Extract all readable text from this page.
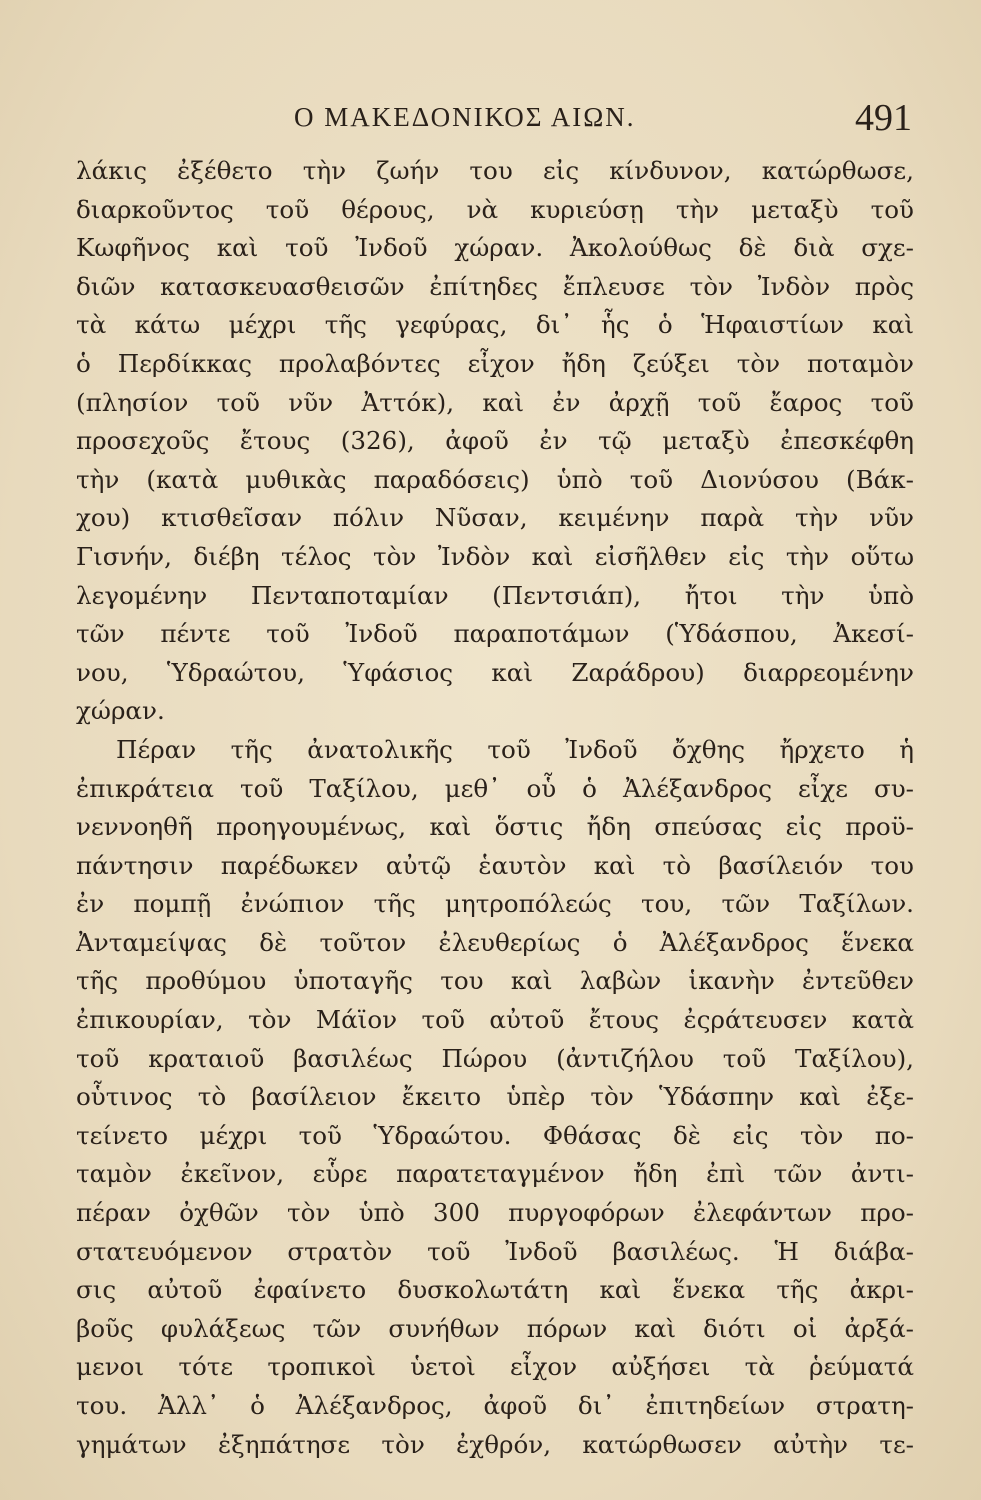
Ο ΜΑΚΕΔΟΝΙΚΟΣ ΑΙΩΝ.	491
λάκις ἐξέθετο τὴν ζωήν του εἰς κίνδυνον, κατώρθωσε,
διαρκοῦντος τοῦ θέρους, νὰ κυριεύσῃ τὴν μεταξὺ τοῦ
Κωφῆνος καὶ τοῦ Ἰνδοῦ χώραν. Ἀκολούθως δὲ διὰ σχε-
διῶν κατασκευασθεισῶν ἐπίτηδες ἔπλευσε τὸν Ἰνδὸν πρὸς
τὰ κάτω μέχρι τῆς γεφύρας, δι᾽ ἧς ὁ Ἡφαιστίων καὶ
ὁ Περδίκκας προλαβόντες εἶχον ἤδη ζεύξει τὸν ποταμὸν
(πλησίον τοῦ νῦν Ἀττόκ), καὶ ἐν ἀρχῇ τοῦ ἔαρος τοῦ
προσεχοῦς ἔτους (326), ἀφοῦ ἐν τῷ μεταξὺ ἐπεσκέφθη
τὴν (κατὰ μυθικὰς παραδόσεις) ὑπὸ τοῦ Διονύσου (Βάκ-
χου) κτισθεῖσαν πόλιν Νῦσαν, κειμένην παρὰ τὴν νῦν
Γισνήν, διέβη τέλος τὸν Ἰνδὸν καὶ εἰσῆλθεν εἰς τὴν οὕτω
λεγομένην Πενταποταμίαν (Πεντσιάπ), ἤτοι τὴν ὑπὸ
τῶν πέντε τοῦ Ἰνδοῦ παραποτάμων (Ὑδάσπου, Ἀκεσί-
νου, Ὑδραώτου, Ὑφάσιος καὶ Ζαράδρου) διαρρεομένην
χώραν.
Πέραν τῆς ἀνατολικῆς τοῦ Ἰνδοῦ ὄχθης ἤρχετο ἡ
ἐπικράτεια τοῦ Ταξίλου, μεθ᾽ οὗ ὁ Ἀλέξανδρος εἶχε συ-
νεννοηθῆ προηγουμένως, καὶ ὅστις ἤδη σπεύσας εἰς προϋ-
πάντησιν παρέδωκεν αὐτῷ ἑαυτὸν καὶ τὸ βασίλειόν του
ἐν πομπῇ ἐνώπιον τῆς μητροπόλεώς του, τῶν Ταξίλων.
Ἀνταμείψας δὲ τοῦτον ἐλευθερίως ὁ Ἀλέξανδρος ἕνεκα
τῆς προθύμου ὑποταγῆς του καὶ λαβὼν ἱκανὴν ἐντεῦθεν
ἐπικουρίαν, τὸν Μάϊον τοῦ αὐτοῦ ἔτους ἐςράτευσεν κατὰ
τοῦ κραταιοῦ βασιλέως Πώρου (ἀντιζήλου τοῦ Ταξίλου),
οὗτινος τὸ βασίλειον ἔκειτο ὑπὲρ τὸν Ὑδάσπην καὶ ἐξε-
τείνετο μέχρι τοῦ Ὑδραώτου. Φθάσας δὲ εἰς τὸν πο-
ταμὸν ἐκεῖνον, εὗρε παρατεταγμένον ἤδη ἐπὶ τῶν ἀντι-
πέραν ὀχθῶν τὸν ὑπὸ 300 πυργοφόρων ἐλεφάντων προ-
στατευόμενον στρατὸν τοῦ Ἰνδοῦ βασιλέως. Ἡ διάβα-
σις αὐτοῦ ἐφαίνετο δυσκολωτάτη καὶ ἕνεκα τῆς ἀκρι-
βοῦς φυλάξεως τῶν συνήθων πόρων καὶ διότι οἱ ἀρξά-
μενοι τότε τροπικοὶ ὑετοὶ εἶχον αὐξήσει τὰ ῥεύματά
του. Ἀλλ᾽ ὁ Ἀλέξανδρος, ἀφοῦ δι᾽ ἐπιτηδείων στρατη-
γημάτων ἐξηπάτησε τὸν ἐχθρόν, κατώρθωσεν αὐτὴν τε-
